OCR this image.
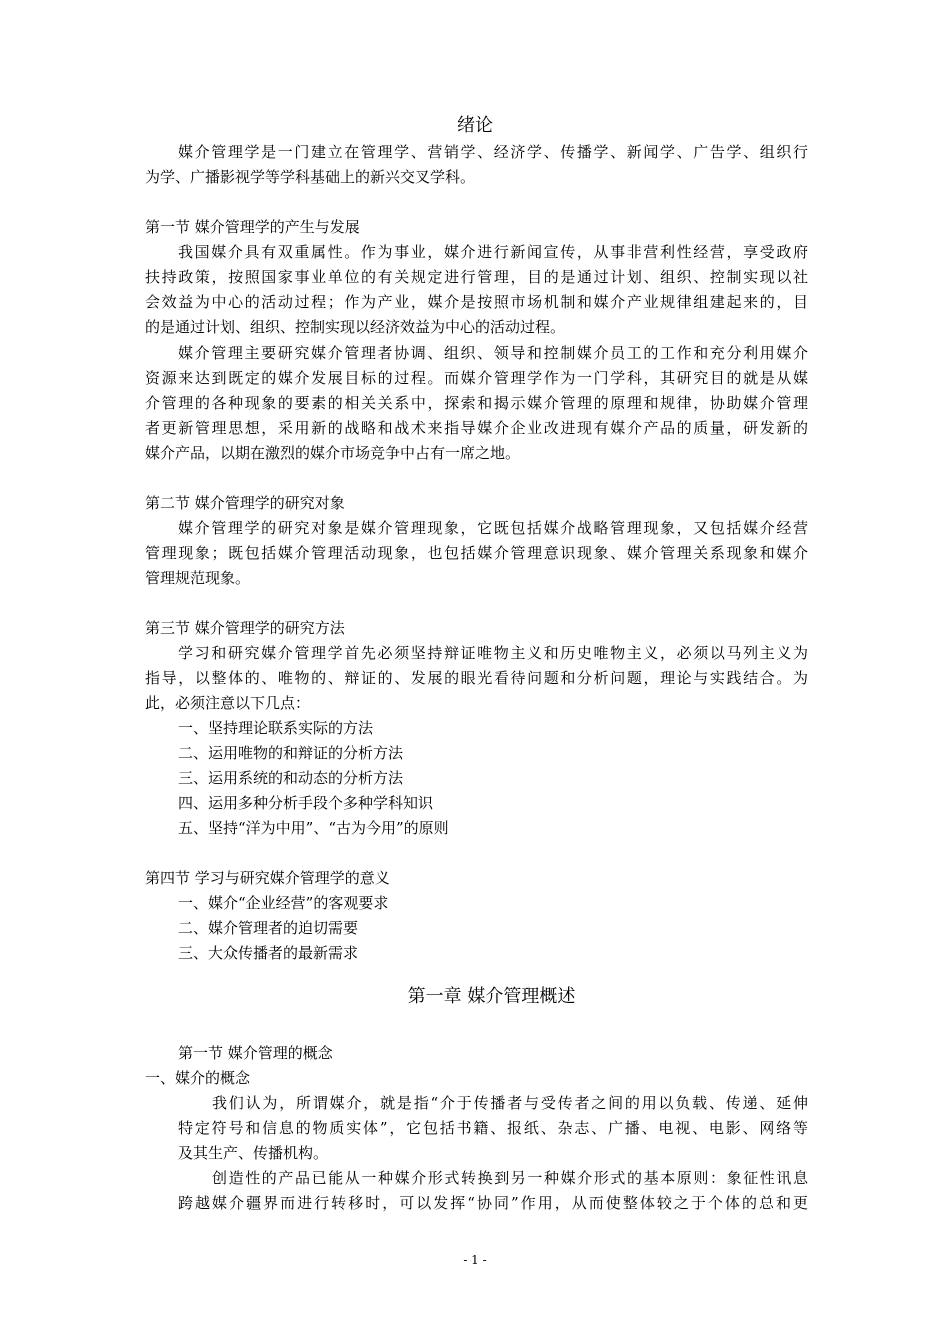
绪论
媒介管理学是一门建立在管理学、营销学、经济学、传播学、新闻学、广告学、组织行
为学、广播影视学等学科基础上的新兴交叉学科。
第一节 媒介管理学的产生与发展
我国媒介具有双重属性。作为事业，媒介进行新闻宣传，从事非营利性经营，享受政府
扶持政策，按照国家事业单位的有关规定进行管理，目的是通过计划、组织、控制实现以社
会效益为中心的活动过程；作为产业，媒介是按照市场机制和媒介产业规律组建起来的，目
的是通过计划、组织、控制实现以经济效益为中心的活动过程。
媒介管理主要研究媒介管理者协调、组织、领导和控制媒介员工的工作和充分利用媒介
资源来达到既定的媒介发展目标的过程。而媒介管理学作为一门学科，其研究目的就是从媒
介管理的各种现象的要素的相关关系中，探索和揭示媒介管理的原理和规律，协助媒介管理
者更新管理思想，采用新的战略和战术来指导媒介企业改进现有媒介产品的质量，研发新的
媒介产品，以期在激烈的媒介市场竞争中占有一席之地。
第二节 媒介管理学的研究对象
媒介管理学的研究对象是媒介管理现象，它既包括媒介战略管理现象，又包括媒介经营
管理现象；既包括媒介管理活动现象，也包括媒介管理意识现象、媒介管理关系现象和媒介
管理规范现象。
第三节 媒介管理学的研究方法
学习和研究媒介管理学首先必须坚持辩证唯物主义和历史唯物主义，必须以马列主义为
指导，以整体的、唯物的、辩证的、发展的眼光看待问题和分析问题，理论与实践结合。为
此，必须注意以下几点：
一、坚持理论联系实际的方法
二、运用唯物的和辩证的分析方法
三、运用系统的和动态的分析方法
四、运用多种分析手段个多种学科知识
五、坚持“洋为中用”、“古为今用”的原则
第四节 学习与研究媒介管理学的意义
一、媒介“企业经营”的客观要求
二、媒介管理者的迫切需要
三、大众传播者的最新需求
第一章 媒介管理概述
第一节 媒介管理的概念
一、媒介的概念
我们认为，所谓媒介，就是指“介于传播者与受传者之间的用以负载、传递、延伸
特定符号和信息的物质实体”，它包括书籍、报纸、杂志、广播、电视、电影、网络等
及其生产、传播机构。
创造性的产品已能从一种媒介形式转换到另一种媒介形式的基本原则：象征性讯息
跨越媒介疆界而进行转移时，可以发挥“协同”作用，从而使整体较之于个体的总和更
- 1 -
